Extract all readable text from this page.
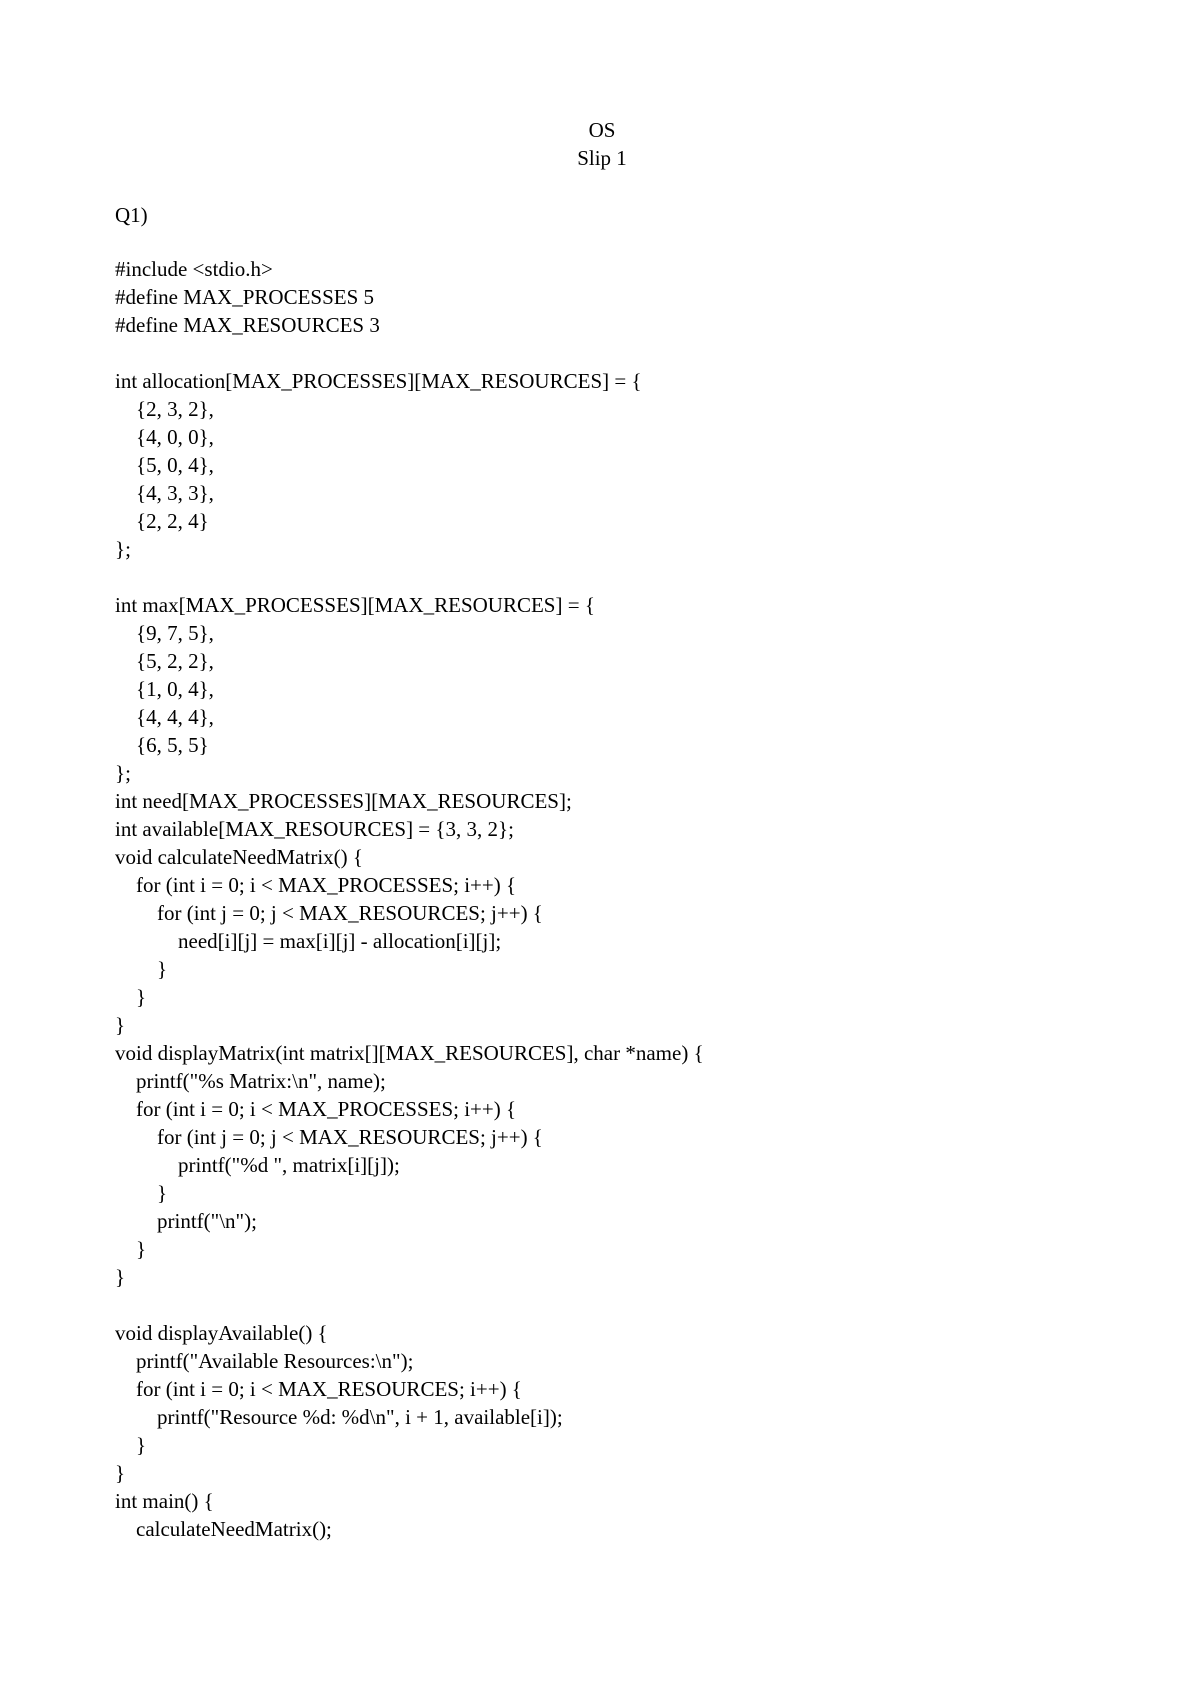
OS
Slip 1
Q1)
#include <stdio.h>
#define MAX_PROCESSES 5
#define MAX_RESOURCES 3
int allocation[MAX_PROCESSES][MAX_RESOURCES] = {
{2, 3, 2},
{4, 0, 0},
{5, 0, 4},
{4, 3, 3},
{2, 2, 4}
};
int max[MAX_PROCESSES][MAX_RESOURCES] = {
{9, 7, 5},
{5, 2, 2},
{1, 0, 4},
{4, 4, 4},
{6, 5, 5}
};
int need[MAX_PROCESSES][MAX_RESOURCES];
int available[MAX_RESOURCES] = {3, 3, 2};
void calculateNeedMatrix() {
for (int i = 0; i < MAX_PROCESSES; i++) {
for (int j = 0; j < MAX_RESOURCES; j++) {
need[i][j] = max[i][j] - allocation[i][j];
}
}
}
void displayMatrix(int matrix[][MAX_RESOURCES], char *name) {
printf("%s Matrix:\n", name);
for (int i = 0; i < MAX_PROCESSES; i++) {
for (int j = 0; j < MAX_RESOURCES; j++) {
printf("%d ", matrix[i][j]);
}
printf("\n");
}
}
void displayAvailable() {
printf("Available Resources:\n");
for (int i = 0; i < MAX_RESOURCES; i++) {
printf("Resource %d: %d\n", i + 1, available[i]);
}
}
int main() {
calculateNeedMatrix();
